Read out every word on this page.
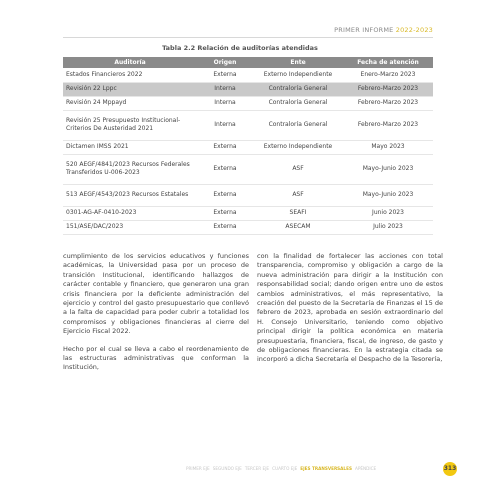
PRIMER INFORME 2022-2023
Tabla 2.2 Relación de auditorías atendidas
Auditoría	Origen	Ente	Fecha de atención
Estados Financieros 2022	Externa	Externo Independiente	Enero-Marzo 2023
Revisión 22 Lppc	Interna	Contraloría General	Febrero-Marzo 2023
Revisión 24 Mppayd	Interna	Contraloría General	Febrero-Marzo 2023
Revisión 25 Presupuesto Institucional-Criterios De Austeridad 2021	Interna	Contraloría General	Febrero-Marzo 2023
Dictamen IMSS 2021	Externa	Externo Independiente	Mayo 2023
520 AEGF/4841/2023 Recursos Federales Transferidos U-006-2023	Externa	ASF	Mayo-Junio 2023
513 AEGF/4543/2023 Recursos Estatales	Externa	ASF	Mayo-Junio 2023
0301-AG-AF-0410-2023	Externa	SEAFI	Junio 2023
151/ASE/DAC/2023	Externa	ASECAM	Julio 2023

cumplimiento de los servicios educativos y funciones académicas, la Universidad pasa por un proceso de transición Institucional, identificando hallazgos de carácter contable y financiero, que generaron una gran crisis financiera por la deficiente administración del ejercicio y control del gasto presupuestario que conllevó a la falta de capacidad para poder cubrir a totalidad los compromisos y obligaciones financieras al cierre del Ejercicio Fiscal 2022.

Hecho por el cual se lleva a cabo el reordenamiento de las estructuras administrativas que conforman la Institución,

con la finalidad de fortalecer las acciones con total transparencia, compromiso y obligación a cargo de la nueva administración para dirigir a la Institución con responsabilidad social; dando origen entre uno de estos cambios administrativos, el más representativo, la creación del puesto de la Secretaría de Finanzas el 15 de febrero de 2023, aprobada en sesión extraordinario del H. Consejo Universitario, teniendo como objetivo principal dirigir la política económica en materia presupuestaria, financiera, fiscal, de ingreso, de gasto y de obligaciones financieras. En la estrategia citada se incorporó a dicha Secretaría el Despacho de la Tesorería,

PRIMER EJE SEGUNDO EJE TERCER EJE CUARTO EJE EJES TRANSVERSALES APÉNDICE	313
